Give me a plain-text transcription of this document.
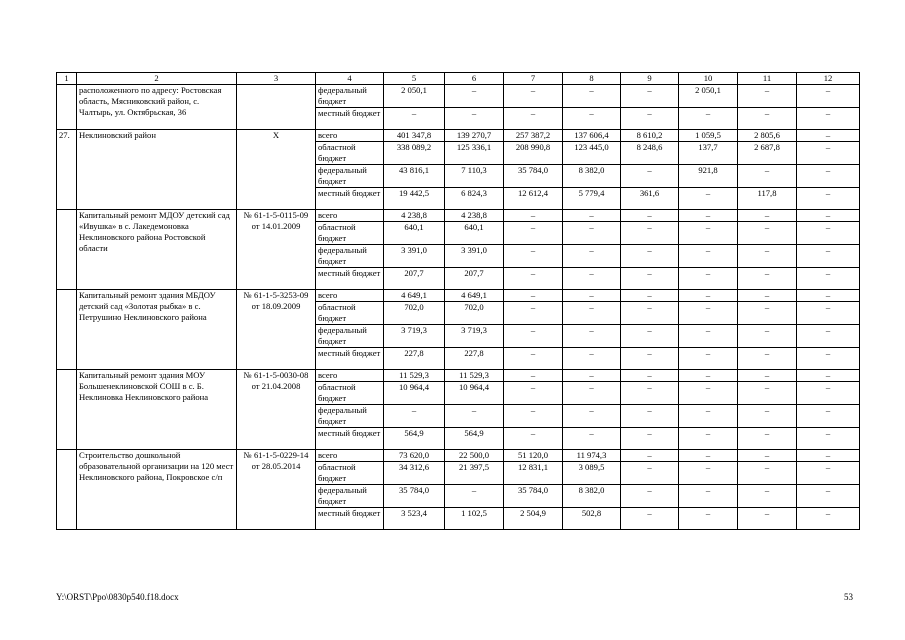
1	2	3	4	5	6	7	8	9	10	11	12
	расположенного по адресу: Ростовская область, Мясниковский район, с. Чалтырь, ул. Октябрьская, 36		федеральный бюджет	2 050,1	–	–	–	–	2 050,1	–	–
			местный бюджет	–	–	–	–	–	–	–	–
27.	Неклиновский район	Х	всего	401 347,8	139 270,7	257 387,2	137 606,4	8 610,2	1 059,5	2 805,6	–
			областной бюджет	338 089,2	125 336,1	208 990,8	123 445,0	8 248,6	137,7	2 687,8	–
			федеральный бюджет	43 816,1	7 110,3	35 784,0	8 382,0	–	921,8	–	–
			местный бюджет	19 442,5	6 824,3	12 612,4	5 779,4	361,6	–	117,8	–
	Капитальный ремонт МДОУ детский сад «Ивушка» в с. Лакедемоновка Неклиновского района Ростовской области	№ 61-1-5-0115-09 от 14.01.2009	всего	4 238,8	4 238,8	–	–	–	–	–	–
			областной бюджет	640,1	640,1	–	–	–	–	–	–
			федеральный бюджет	3 391,0	3 391,0	–	–	–	–	–	–
			местный бюджет	207,7	207,7	–	–	–	–	–	–
	Капитальный ремонт здания МБДОУ детский сад «Золотая рыбка» в с. Петрушино Неклиновского района	№ 61-1-5-3253-09 от 18.09.2009	всего	4 649,1	4 649,1	–	–	–	–	–	–
			областной бюджет	702,0	702,0	–	–	–	–	–	–
			федеральный бюджет	3 719,3	3 719,3	–	–	–	–	–	–
			местный бюджет	227,8	227,8	–	–	–	–	–	–
	Капитальный ремонт здания МОУ Большенеклиновской СОШ в с. Б. Неклиновка Неклиновского района	№ 61-1-5-0030-08 от 21.04.2008	всего	11 529,3	11 529,3	–	–	–	–	–	–
			областной бюджет	10 964,4	10 964,4	–	–	–	–	–	–
			федеральный бюджет	–	–	–	–	–	–	–	–
			местный бюджет	564,9	564,9	–	–	–	–	–	–
	Строительство дошкольной образовательной организации на 120 мест Неклиновского района, Покровское с/п	№ 61-1-5-0229-14 от 28.05.2014	всего	73 620,0	22 500,0	51 120,0	11 974,3	–	–	–	–
			областной бюджет	34 312,6	21 397,5	12 831,1	3 089,5	–	–	–	–
			федеральный бюджет	35 784,0	–	35 784,0	8 382,0	–	–	–	–
			местный бюджет	3 523,4	1 102,5	2 504,9	502,8	–	–	–	–
Y:\ORST\Ppo\0830p540.f18.docx	53
